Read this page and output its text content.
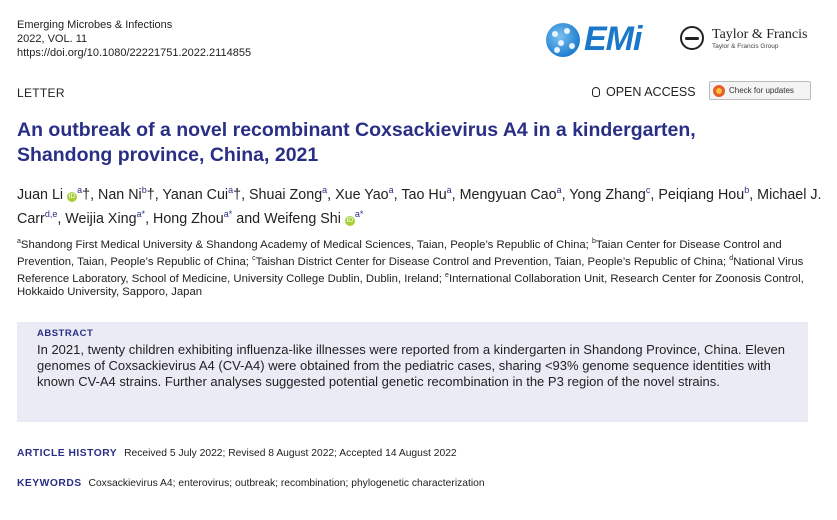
Emerging Microbes & Infections
2022, VOL. 11
https://doi.org/10.1080/22221751.2022.2114855	EMi	Taylor & Francis
Taylor & Francis Group
LETTER	OPEN ACCESS	Check for updates
An outbreak of a novel recombinant Coxsackievirus A4 in a kindergarten,
Shandong province, China, 2021
Juan Li $iD^a\dagger$, Nan Ni$^b$†, Yanan Cui$^a$†, Shuai Zong$^a$, Xue Yao$^a$, Tao Hu$^a$, Mengyuan Cao$^a$, Yong Zhang$^c$, Peiqiang Hou$^b$, Michael J. Carr$^{d,e}$, Weijia Xing$^{a*}$, Hong Zhou$^{a*}$ and Weifeng Shi $iD^{a*}$
$^a$Shandong First Medical University & Shandong Academy of Medical Sciences, Taian, People’s Republic of China; $^b$Taian Center for Disease Control and Prevention, Taian, People’s Republic of China; $^c$Taishan District Center for Disease Control and Prevention, Taian, People’s Republic of China; $^d$National Virus Reference Laboratory, School of Medicine, University College Dublin, Dublin, Ireland; $^e$International Collaboration Unit, Research Center for Zoonosis Control, Hokkaido University, Sapporo, Japan
ABSTRACT
In 2021, twenty children exhibiting influenza-like illnesses were reported from a kindergarten in Shandong Province, China. Eleven genomes of Coxsackievirus A4 (CV-A4) were obtained from the pediatric cases, sharing <93% genome sequence identities with known CV-A4 strains. Further analyses suggested potential genetic recombination in the P3 region of the novel strains.
ARTICLE HISTORY Received 5 July 2022; Revised 8 August 2022; Accepted 14 August 2022
KEYWORDS Coxsackievirus A4; enterovirus; outbreak; recombination; phylogenetic characterization
